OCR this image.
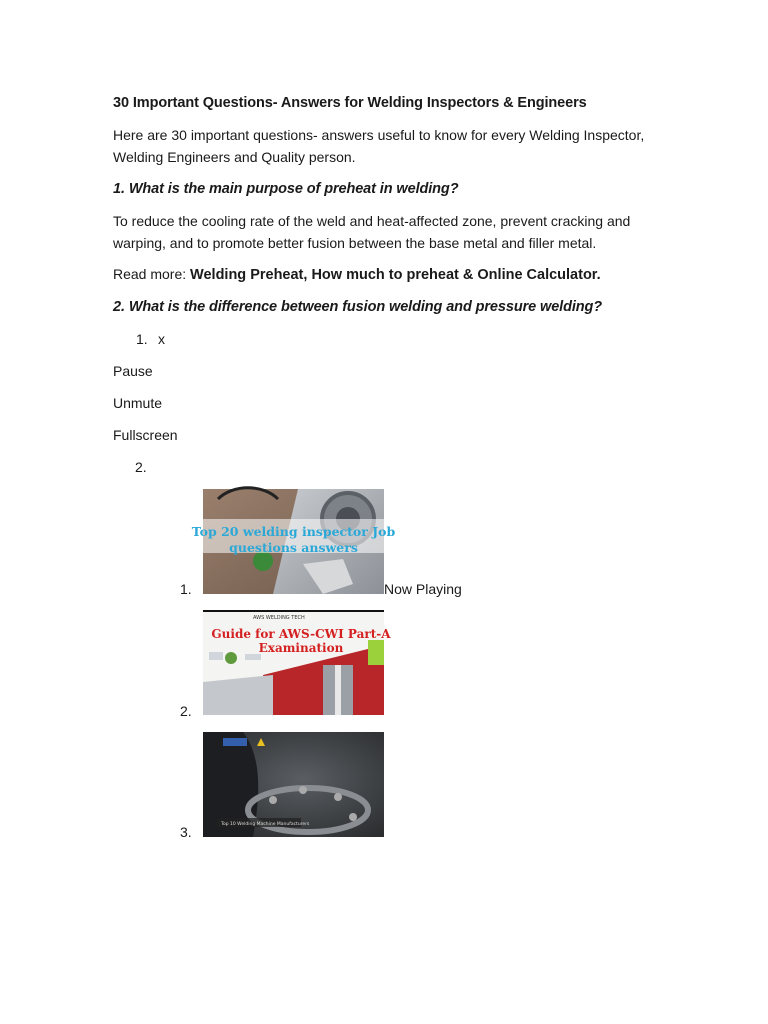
30 Important Questions- Answers for Welding Inspectors & Engineers
Here are 30 important questions- answers useful to know for every Welding Inspector, Welding Engineers and Quality person.
1. What is the main purpose of preheat in welding?
To reduce the cooling rate of the weld and heat-affected zone, prevent cracking and warping, and to promote better fusion between the base metal and filler metal.
Read more: Welding Preheat, How much to preheat & Online Calculator.
2. What is the difference between fusion welding and pressure welding?
1. x
Pause
Unmute
Fullscreen
2.
1.
Top 20 welding inspector Job
questions answers
Now Playing
2.
AWS WELDING TECH
Guide for AWS-CWI Part-A
Examination
3.	Top 10 Welding Machine Manufacturers
